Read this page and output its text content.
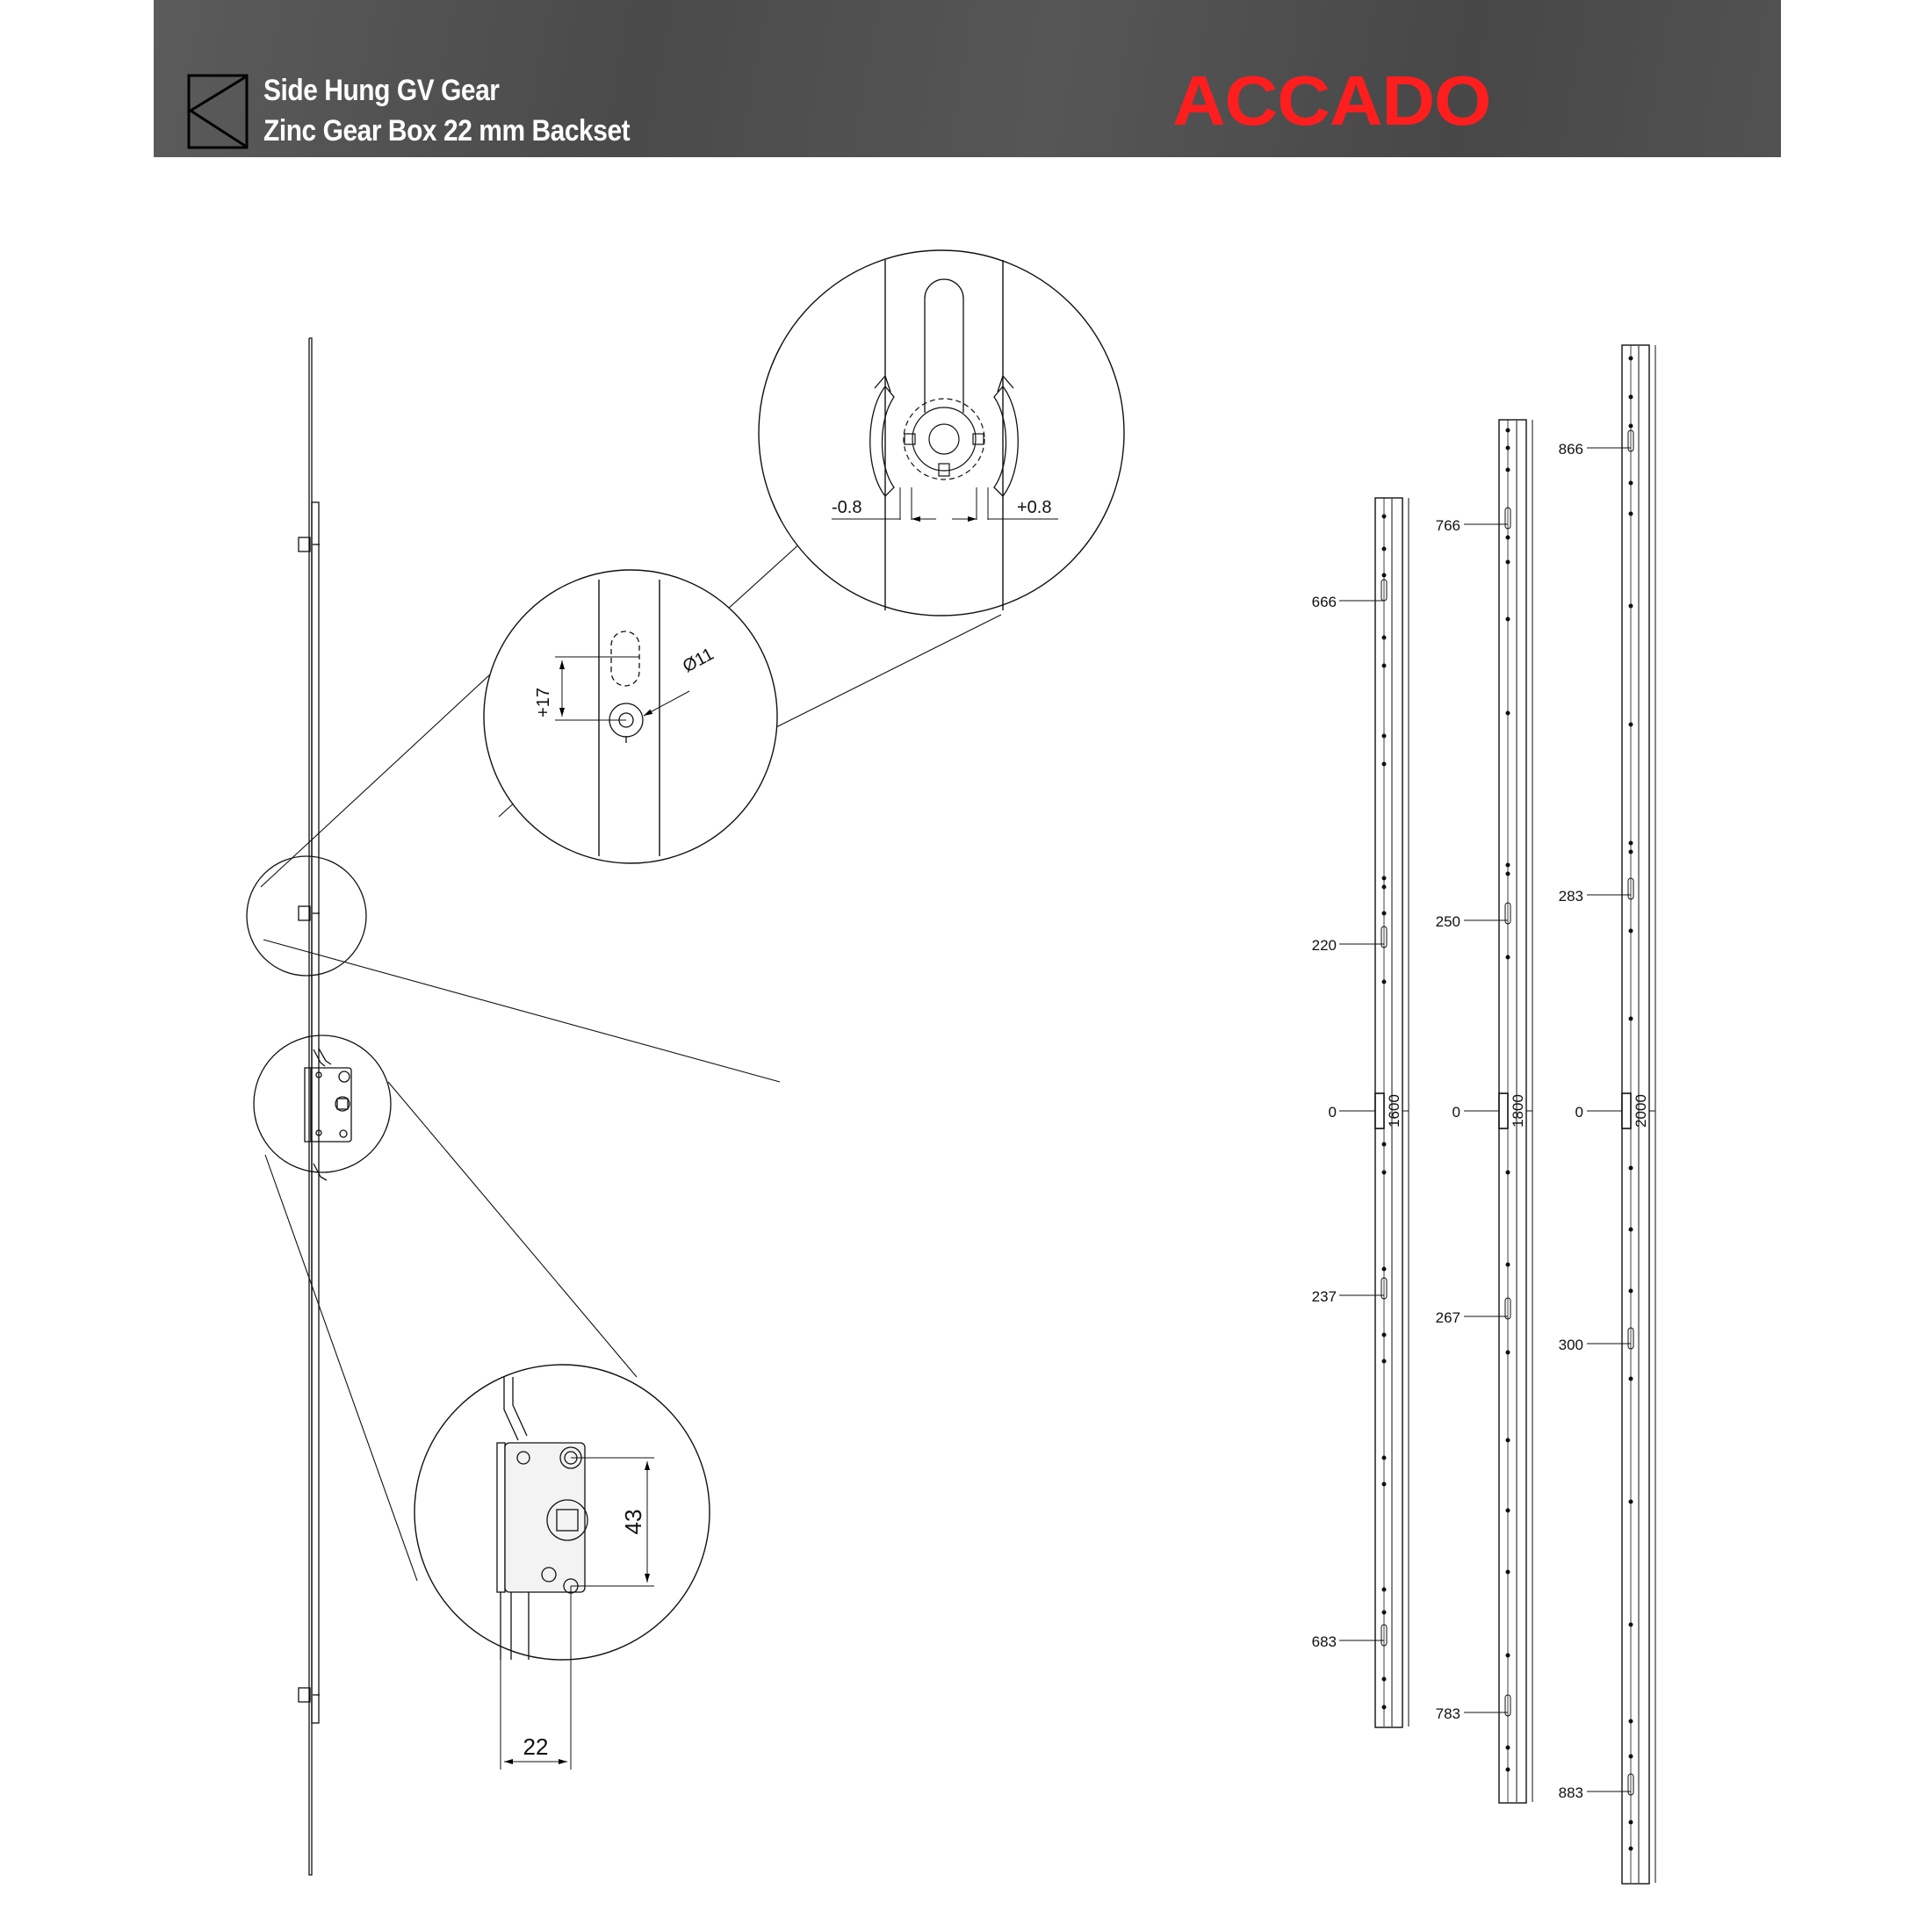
Side Hung GV Gear
Zinc Gear Box 22 mm Backset	ACCADO
-0.8	+0.8
+17
Ø11
43
22
666
220
0
237
683
1600
766
250
0
267
783
1800
866
283
0
300
883
2000
